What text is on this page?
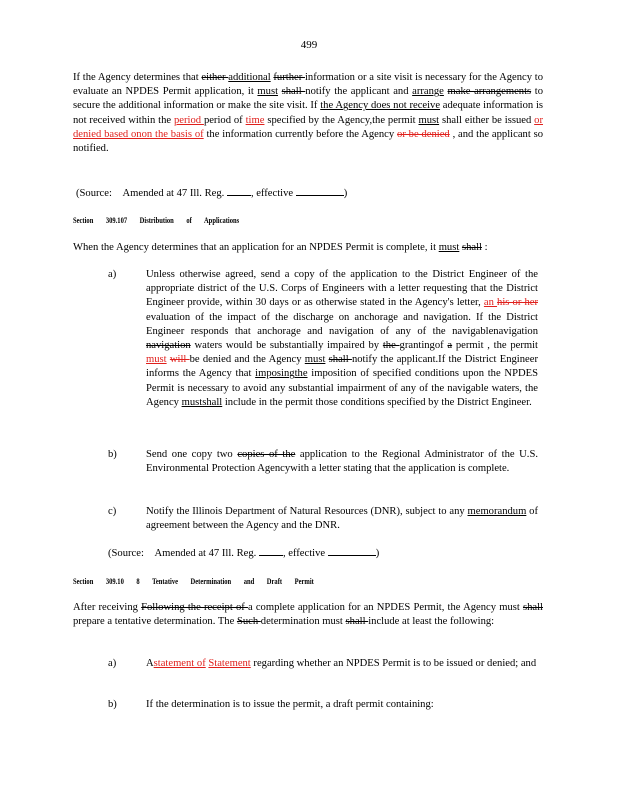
499
If the Agency determines that either additional further information or a site visit is necessary for the Agency to evaluate an NPDES Permit application, it must shall notify the applicant and arrange make arrangements to secure the additional information or make the site visit. If the Agency does not receive adequate information is not received within the period period of time specified by the Agency,the permit must shall either be issued or denied based onon the basis of the information currently before the Agency or be denied , and the applicant so notified.
(Source: Amended at 47 Ill. Reg.	, effective	)
Section 309.107 Distribution of Applications
When the Agency determines that an application for an NPDES Permit is complete, it must shall :
a)	Unless otherwise agreed, send a copy of the application to the District Engineer of the appropriate district of the U.S. Corps of Engineers with a letter requesting that the District Engineer provide, within 30 days or as otherwise stated in the Agency's letter, an his or her evaluation of the impact of the discharge on anchorage and navigation. If the District Engineer responds that anchorage and navigation of any of the navigablenavigation navigation waters would be substantially impaired by the grantingof a permit , the permit must will be denied and the Agency must shall notify the applicant.If the District Engineer informs the Agency that imposingthe imposition of specified conditions upon the NPDES Permit is necessary to avoid any substantial impairment of any of the navigable waters, the Agency mustshall include in the permit those conditions specified by the District Engineer.
b)	Send one copy two copies of the application to the Regional Administrator of the U.S. Environmental Protection Agencywith a letter stating that the application is complete.
c)	Notify the Illinois Department of Natural Resources (DNR), subject to any memorandum of agreement between the Agency and the DNR.
(Source: Amended at 47 Ill. Reg.	, effective	)
Section 309.10 8 Tentative Determination and Draft Permit
After receiving Following the receipt of a complete application for an NPDES Permit, the Agency must shall prepare a tentative determination. The Such determination must shall include at least the following:
a)	Astatement of Statement regarding whether an NPDES Permit is to be issued or denied; and
b)	If the determination is to issue the permit, a draft permit containing:
